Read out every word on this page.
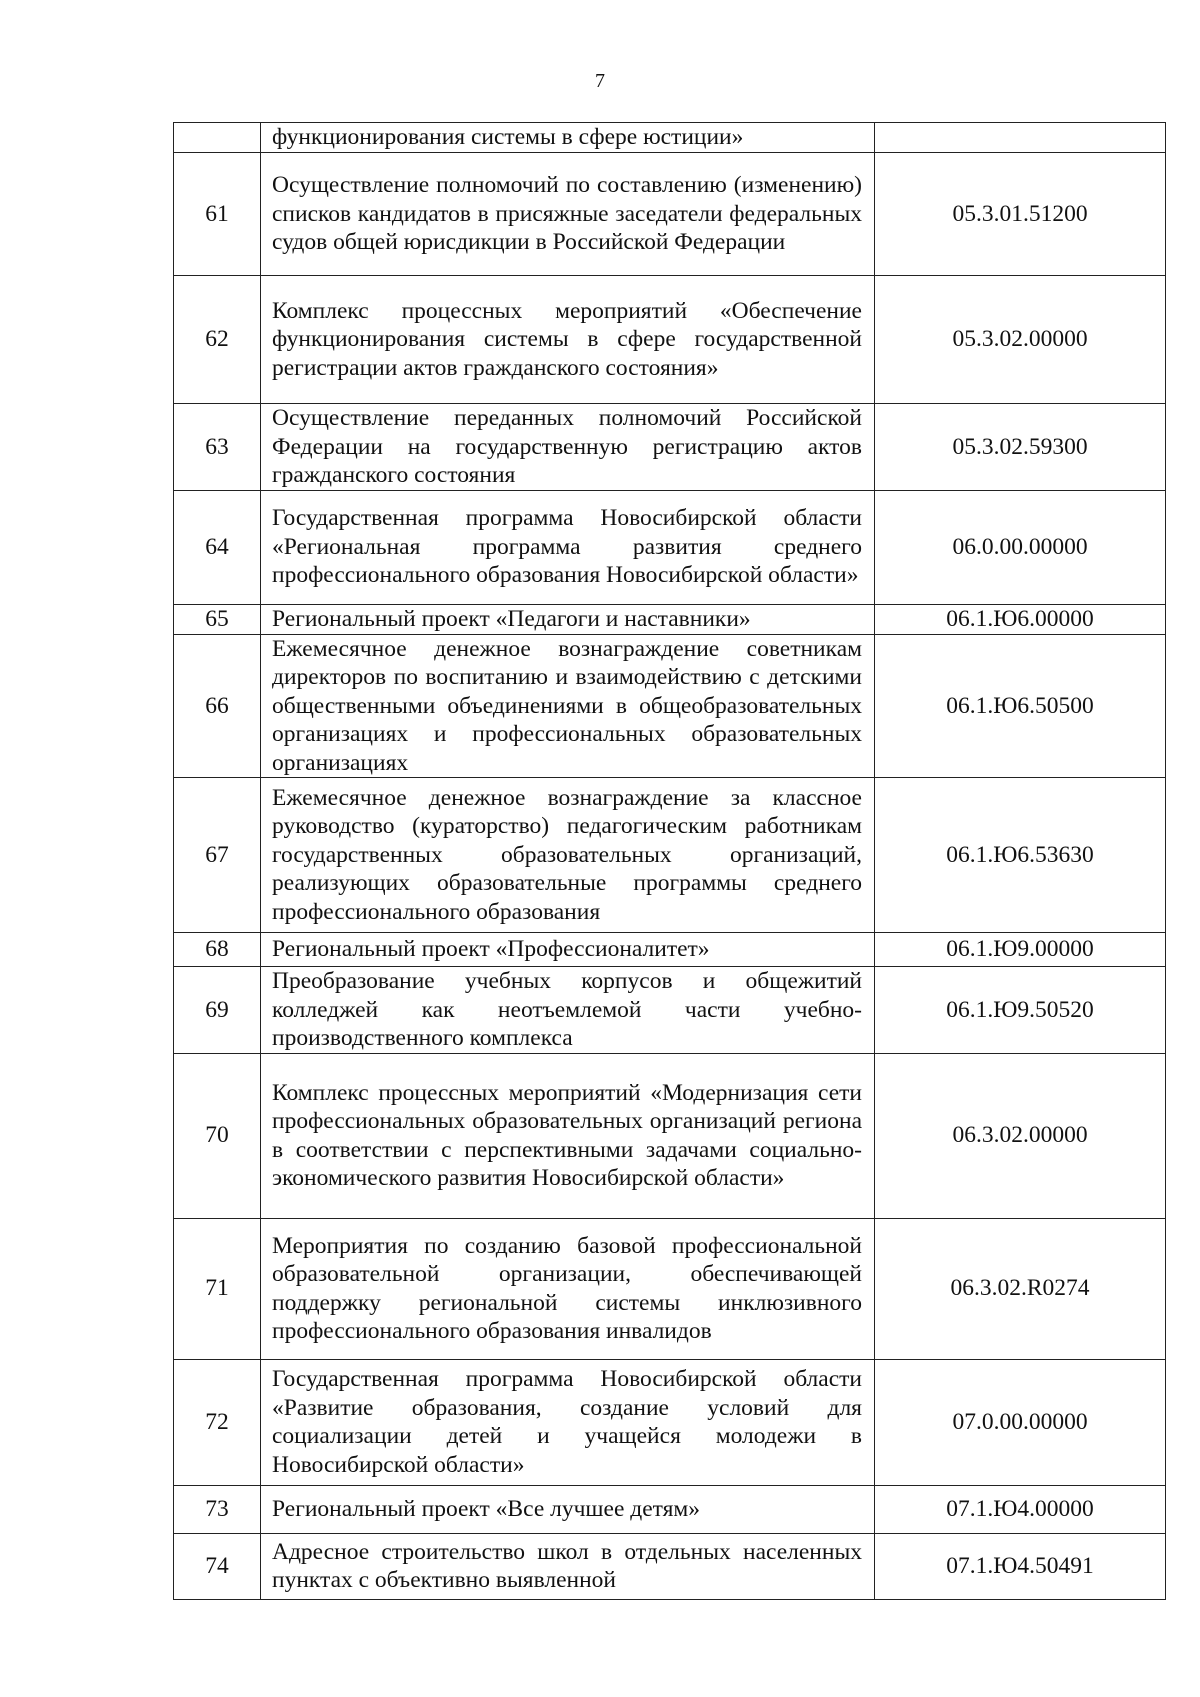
7

	функционирования системы в сфере юстиции»	

61	Осуществление полномочий по составлению (изменению) списков кандидатов в присяжные заседатели федеральных судов общей юрисдикции в Российской Федерации	05.3.01.51200
62	Комплекс процессных мероприятий «Обеспечение функционирования системы в сфере государственной регистрации актов гражданского состояния»	05.3.02.00000
63	Осуществление переданных полномочий Российской Федерации на государственную регистрацию актов гражданского состояния	05.3.02.59300
64	Государственная программа Новосибирской области «Региональная программа развития среднего профессионального образования Новосибирской области»	06.0.00.00000
65	Региональный проект «Педагоги и наставники»	06.1.Ю6.00000
66	Ежемесячное денежное вознаграждение советникам директоров по воспитанию и взаимодействию с детскими общественными объединениями в общеобразовательных организациях и профессиональных образовательных организациях	06.1.Ю6.50500
67	Ежемесячное денежное вознаграждение за классное руководство (кураторство) педагогическим работникам государственных образовательных организаций, реализующих образовательные программы среднего профессионального образования	06.1.Ю6.53630
68	Региональный проект «Профессионалитет»	06.1.Ю9.00000
69	Преобразование учебных корпусов и общежитий колледжей как неотъемлемой части учебно-производственного комплекса	06.1.Ю9.50520
70	Комплекс процессных мероприятий «Модернизация сети профессиональных образовательных организаций региона в соответствии с перспективными задачами социально-экономического развития Новосибирской области»	06.3.02.00000
71	Мероприятия по созданию базовой профессиональной образовательной организации, обеспечивающей поддержку региональной системы инклюзивного профессионального образования инвалидов	06.3.02.R0274
72	Государственная программа Новосибирской области «Развитие образования, создание условий для социализации детей и учащейся молодежи в Новосибирской области»	07.0.00.00000
73	Региональный проект «Все лучшее детям»	07.1.Ю4.00000
74	Адресное строительство школ в отдельных населенных пунктах с объективно выявленной	07.1.Ю4.50491
